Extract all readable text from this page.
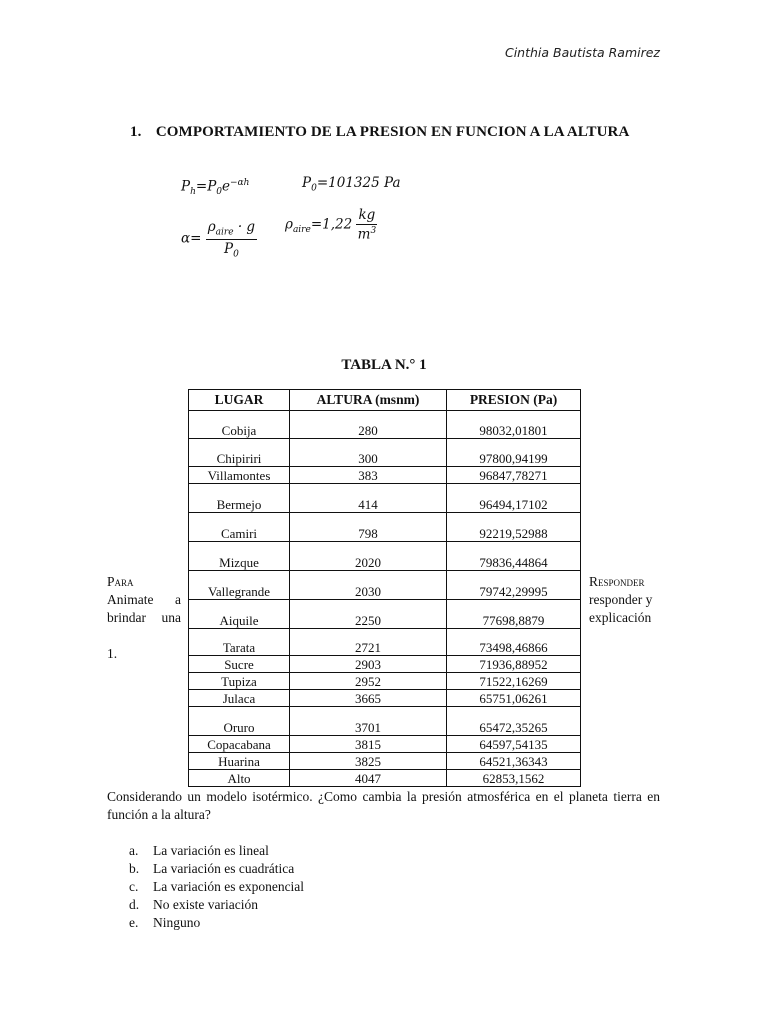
Cinthia Bautista Ramirez
1. COMPORTAMIENTO DE LA PRESION EN FUNCION A LA ALTURA
$P_h=P_0e^{-\alpha h}$	$P_0=101325$ Pa
$\alpha= \frac{\rho_{aire} \cdot g}{P_0} \rho_{aire}=1,22 \frac{kg}{m^3}$
TABLA N.° 1
LUGAR	ALTURA (msnm)	PRESION (Pa)
Cobija	280	98032,01801
Chipiriri	300	97800,94199
Villamontes	383	96847,78271
Bermejo	414	96494,17102
Camiri	798	92219,52988
Mizque	2020	79836,44864
Vallegrande	2030	79742,29995
Aiquile	2250	77698,8879
Tarata	2721	73498,46866
Sucre	2903	71936,88952
Tupiza	2952	71522,16269
Julaca	3665	65751,06261
Oruro	3701	65472,35265
Copacabana	3815	64597,54135
Huarina	3825	64521,36343
Alto	4047	62853,1562
Para
Animate a
brindar una
1.
Responder
responder y
explicación
Considerando un modelo isotérmico. ¿Como cambia la presión atmosférica en el planeta tierra en función a la altura?
a.	La variación es lineal
b.	La variación es cuadrática
c.	La variación es exponencial
d.	No existe variación
e.	Ninguno
